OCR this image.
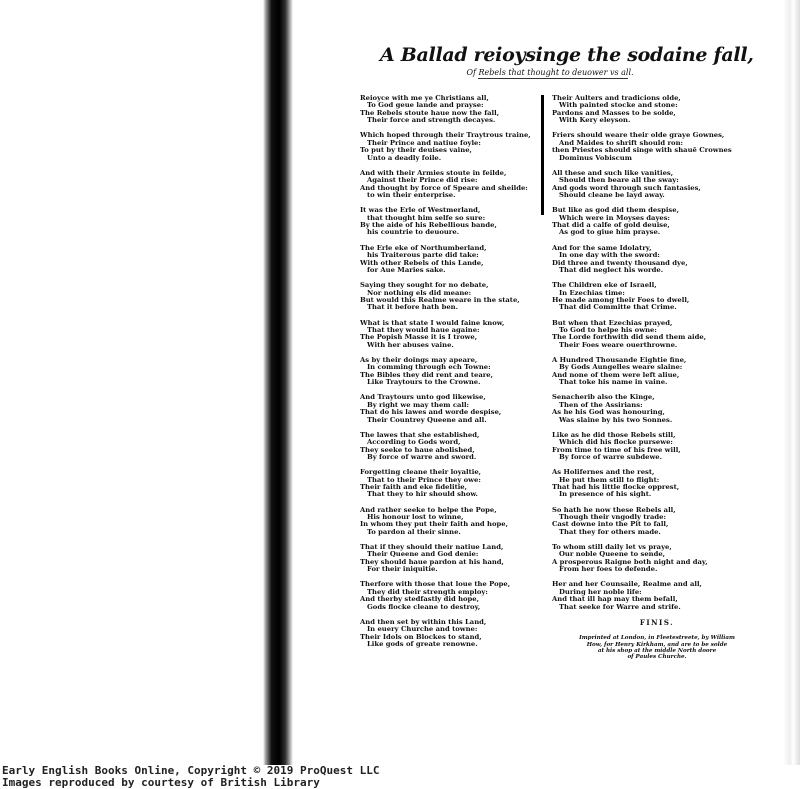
A Ballad reioysinge the sodaine fall,
Of Rebels that thought to deuower vs all.
Reioyce with me ye Christians all,
To God geue lande and prayse:
The Rebels stoute haue now the fall,
Their force and strength decayes.
Which hoped through their Traytrous traine,
Their Prince and natiue foyle:
To put by their deuises vaine,
Unto a deadly foile.
And with their Armies stoute in feilde,
Against their Prince did rise:
And thought by force of Speare and sheilde:
to win their enterprise.
It was the Erle of Westmerland,
that thought him selfe so sure:
By the aide of his Rebellious bande,
his countrie to deuoure.
The Erle eke of Northumberland,
his Traiterous parte did take:
With other Rebels of this Lande,
for Aue Maries sake.
Saying they sought for no debate,
Nor nothing els did meane:
But would this Realme weare in the state,
That it before hath ben.
What is that state I would faine know,
That they would haue againe:
The Popish Masse it is I trowe,
With her abuses vaine.
As by their doings may apeare,
In comming through ech Towne:
The Bibles they did rent and teare,
Like Traytours to the Crowne.
And Traytours unto god likewise,
By right we may them call:
That do his lawes and worde despise,
Their Countrey Queene and all.
The lawes that she established,
According to Gods word,
They seeke to haue abolished,
By force of warre and sword.
Forgetting cleane their loyaltie,
That to their Prince they owe:
Their faith and eke fidelitie,
That they to hir should show.
And rather seeke to helpe the Pope,
His honour lost to winne,
In whom they put their faith and hope,
To pardon al their sinne.
That if they should their natiue Land,
Their Queene and God denie:
They should haue pardon at his hand,
For their iniquitie.
Therfore with those that loue the Pope,
They did their strength employ:
And therby stedfastly did hope,
Gods flocke cleane to destroy,
And then set by within this Land,
In euery Churche and towne:
Their Idols on Blockes to stand,
Like gods of greate renowne.
Their Aulters and tradicions olde,
With painted stocke and stone:
Pardons and Masses to be solde,
With Kery eleyson.
Friers should weare their olde graye Gownes,
And Maides to shrift should ron:
then Priestes should singe with shauē Crownes
Dominus Vobiscum
All these and such like vanities,
Should then beare all the sway:
And gods word through such fantasies,
Should cleane be layd away.
But like as god did them despise,
Which were in Moyses dayes:
That did a calfe of gold deuise,
As god to giue him prayse.
And for the same Idolatry,
In one day with the sword:
Did three and twenty thousand dye,
That did neglect his worde.
The Children eke of Israell,
In Ezechias time:
He made among their Foes to dwell,
That did Committe that Crime.
But when that Ezechias prayed,
To God to helpe his owne:
The Lorde forthwith did send them aide,
Their Foes weare ouerthrowne.
A Hundred Thousande Eightie fine,
By Gods Aungelles weare slaine:
And none of them were left aliue,
That toke his name in vaine.
Senacherib also the Kinge,
Then of the Assirians:
As he his God was honouring,
Was slaine by his two Sonnes.
Like as he did those Rebels still,
Which did his flocke pursewe:
From time to time of his free will,
By force of warre subdewe.
As Holifernes and the rest,
He put them still to flight:
That had his little flocke opprest,
In presence of his sight.
So hath he now these Rebels all,
Though their vngodly trade:
Cast downe into the Pit to fall,
That they for others made.
To whom still daily let vs praye,
Our noble Queene to sende,
A prosperous Raigne both night and day,
From her foes to defende.
Her and her Counsaile, Realme and all,
During her noble life:
And that ill hap may them befall,
That seeke for Warre and strife.
FINIS.
Imprinted at London, in Fleetestreete, by William
How, for Henry Kirkham, and are to be solde
at his shop at the middle North doore
of Paules Churche.
Early English Books Online, Copyright © 2019 ProQuest LLC
Images reproduced by courtesy of British Library
